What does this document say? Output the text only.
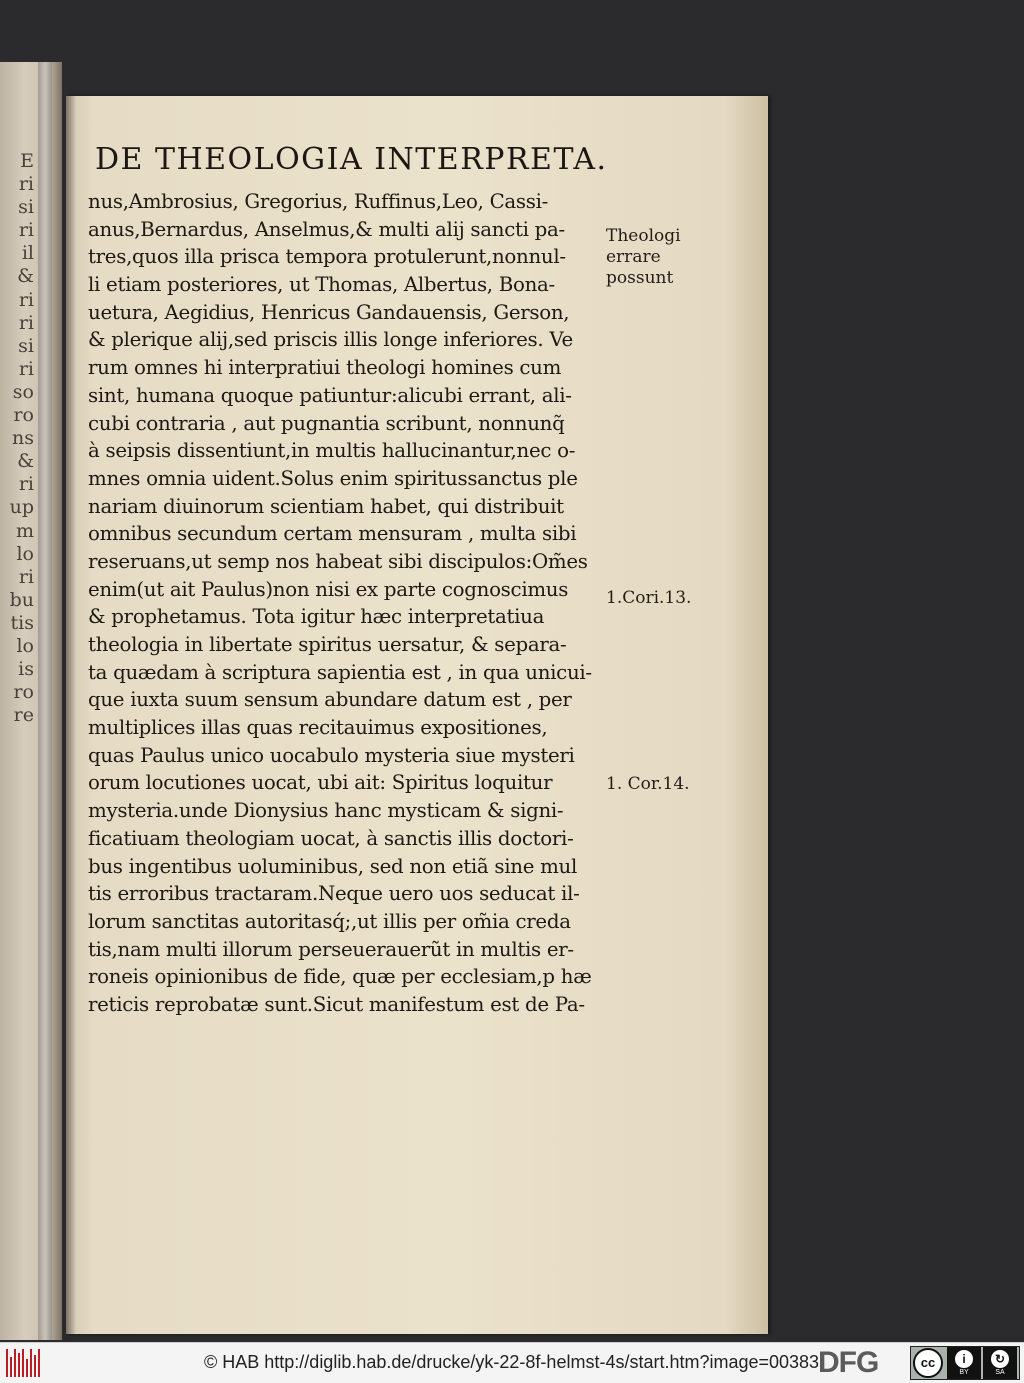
E
ri
si
ri
il
&
ri
ri
si
ri
so
ro
ns
&
ri
up
m
lo
ri
bu
tis
lo
is
ro
re
DE THEOLOGIA INTERPRETA.
nus,Ambrosius, Gregorius, Ruffinus,Leo, Cassi-
anus,Bernardus, Anselmus,& multi alij sancti pa-
tres,quos illa prisca tempora protulerunt,nonnul-
li etiam posteriores, ut Thomas, Albertus, Bona-
uetura, Aegidius, Henricus Gandauensis, Gerson,
& plerique alij,sed priscis illis longe inferiores. Ve
rum omnes hi interpratiui theologi homines cum
sint, humana quoque patiuntur:alicubi errant, ali-
cubi contraria , aut pugnantia scribunt, nonnunq̃
à seipsis dissentiunt,in multis hallucinantur,nec o-
mnes omnia uident.Solus enim spiritussanctus ple
nariam diuinorum scientiam habet, qui distribuit
omnibus secundum certam mensuram , multa sibi
reseruans,ut semp nos habeat sibi discipulos:Om̃es
enim(ut ait Paulus)non nisi ex parte cognoscimus
& prophetamus. Tota igitur hæc interpretatiua
theologia in libertate spiritus uersatur, & separa-
ta quædam à scriptura sapientia est , in qua unicui-
que iuxta suum sensum abundare datum est , per
multiplices illas quas recitauimus expositiones,
quas Paulus unico uocabulo mysteria siue mysteri
orum locutiones uocat, ubi ait: Spiritus loquitur
mysteria.unde Dionysius hanc mysticam & signi-
ficatiuam theologiam uocat, à sanctis illis doctori-
bus ingentibus uoluminibus, sed non etiã sine mul
tis erroribus tractaram.Neque uero uos seducat il-
lorum sanctitas autoritasq́;,ut illis per om̃ia creda
tis,nam multi illorum perseuerauerũt in multis er-
roneis opinionibus de fide, quæ per ecclesiam,p hæ
reticis reprobatæ sunt.Sicut manifestum est de Pa-
Theologi
errare
possunt
1.Cori.13.
1. Cor.14.
© HAB http://diglib.hab.de/drucke/yk-22-8f-helmst-4s/start.htm?image=00383
DFG	cc	i
BY
↻
SA
